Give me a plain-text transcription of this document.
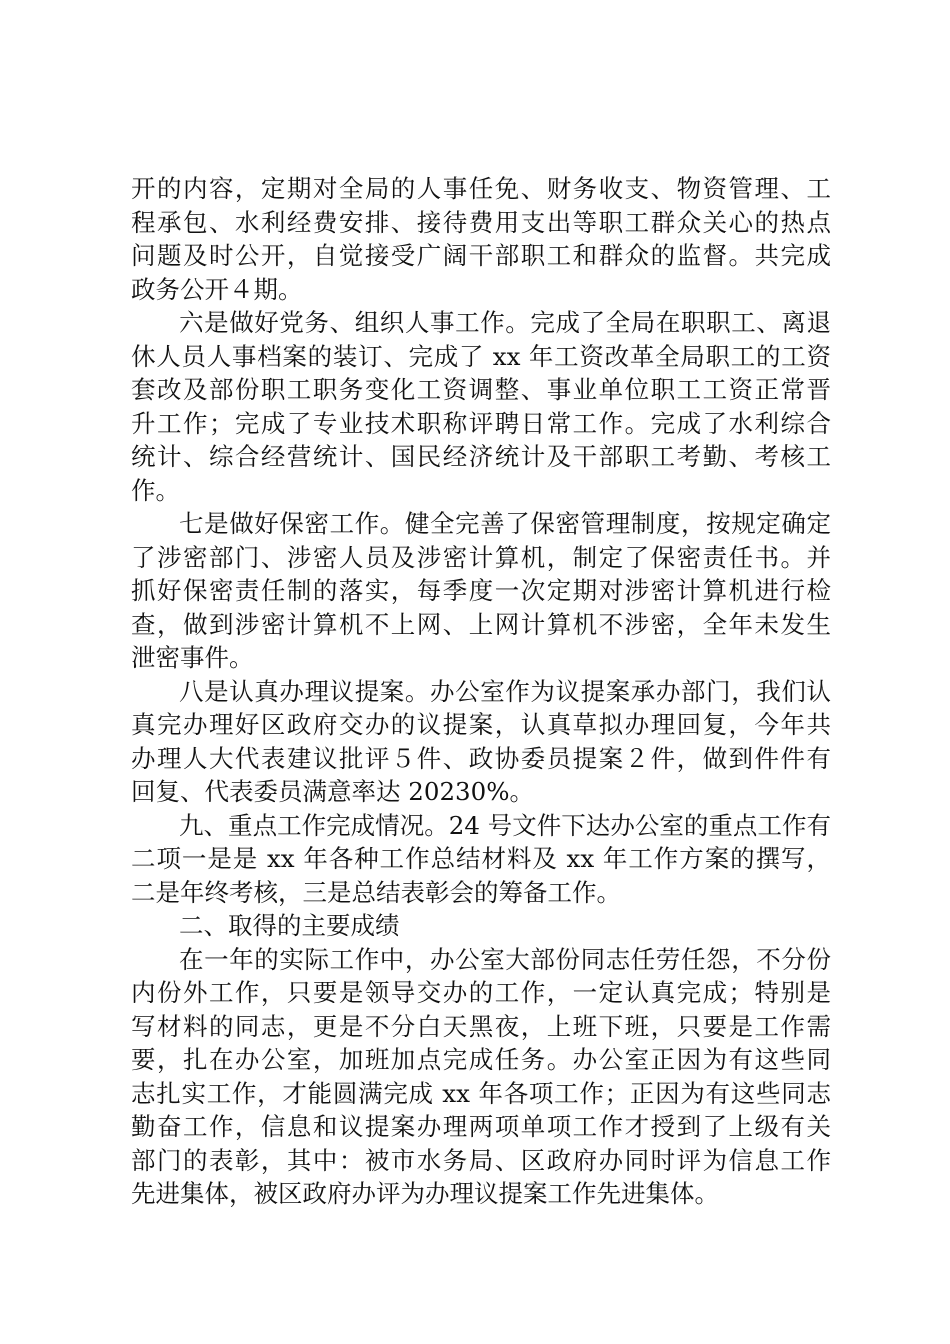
开的内容，定期对全局的人事任免、财务收支、物资管理、工
程承包、水利经费安排、接待费用支出等职工群众关心的热点
问题及时公开，自觉接受广阔干部职工和群众的监督。共完成
政务公开４期。
六是做好党务、组织人事工作。完成了全局在职职工、离退
休人员人事档案的装订、完成了 xx 年工资改革全局职工的工资
套改及部份职工职务变化工资调整、事业单位职工工资正常晋
升工作；完成了专业技术职称评聘日常工作。完成了水利综合
统计、综合经营统计、国民经济统计及干部职工考勤、考核工
作。
七是做好保密工作。健全完善了保密管理制度，按规定确定
了涉密部门、涉密人员及涉密计算机，制定了保密责任书。并
抓好保密责任制的落实，每季度一次定期对涉密计算机进行检
查，做到涉密计算机不上网、上网计算机不涉密，全年未发生
泄密事件。
八是认真办理议提案。办公室作为议提案承办部门，我们认
真完办理好区政府交办的议提案，认真草拟办理回复，今年共
办理人大代表建议批评５件、政协委员提案２件，做到件件有
回复、代表委员满意率达 20230%。
九、重点工作完成情况。24 号文件下达办公室的重点工作有
二项一是是 xx 年各种工作总结材料及 xx 年工作方案的撰写，
二是年终考核，三是总结表彰会的筹备工作。
二、取得的主要成绩
在一年的实际工作中，办公室大部份同志任劳任怨，不分份
内份外工作，只要是领导交办的工作，一定认真完成；特别是
写材料的同志，更是不分白天黑夜，上班下班，只要是工作需
要，扎在办公室，加班加点完成任务。办公室正因为有这些同
志扎实工作，才能圆满完成 xx 年各项工作；正因为有这些同志
勤奋工作，信息和议提案办理两项单项工作才授到了上级有关
部门的表彰，其中：被市水务局、区政府办同时评为信息工作
先进集体，被区政府办评为办理议提案工作先进集体。
